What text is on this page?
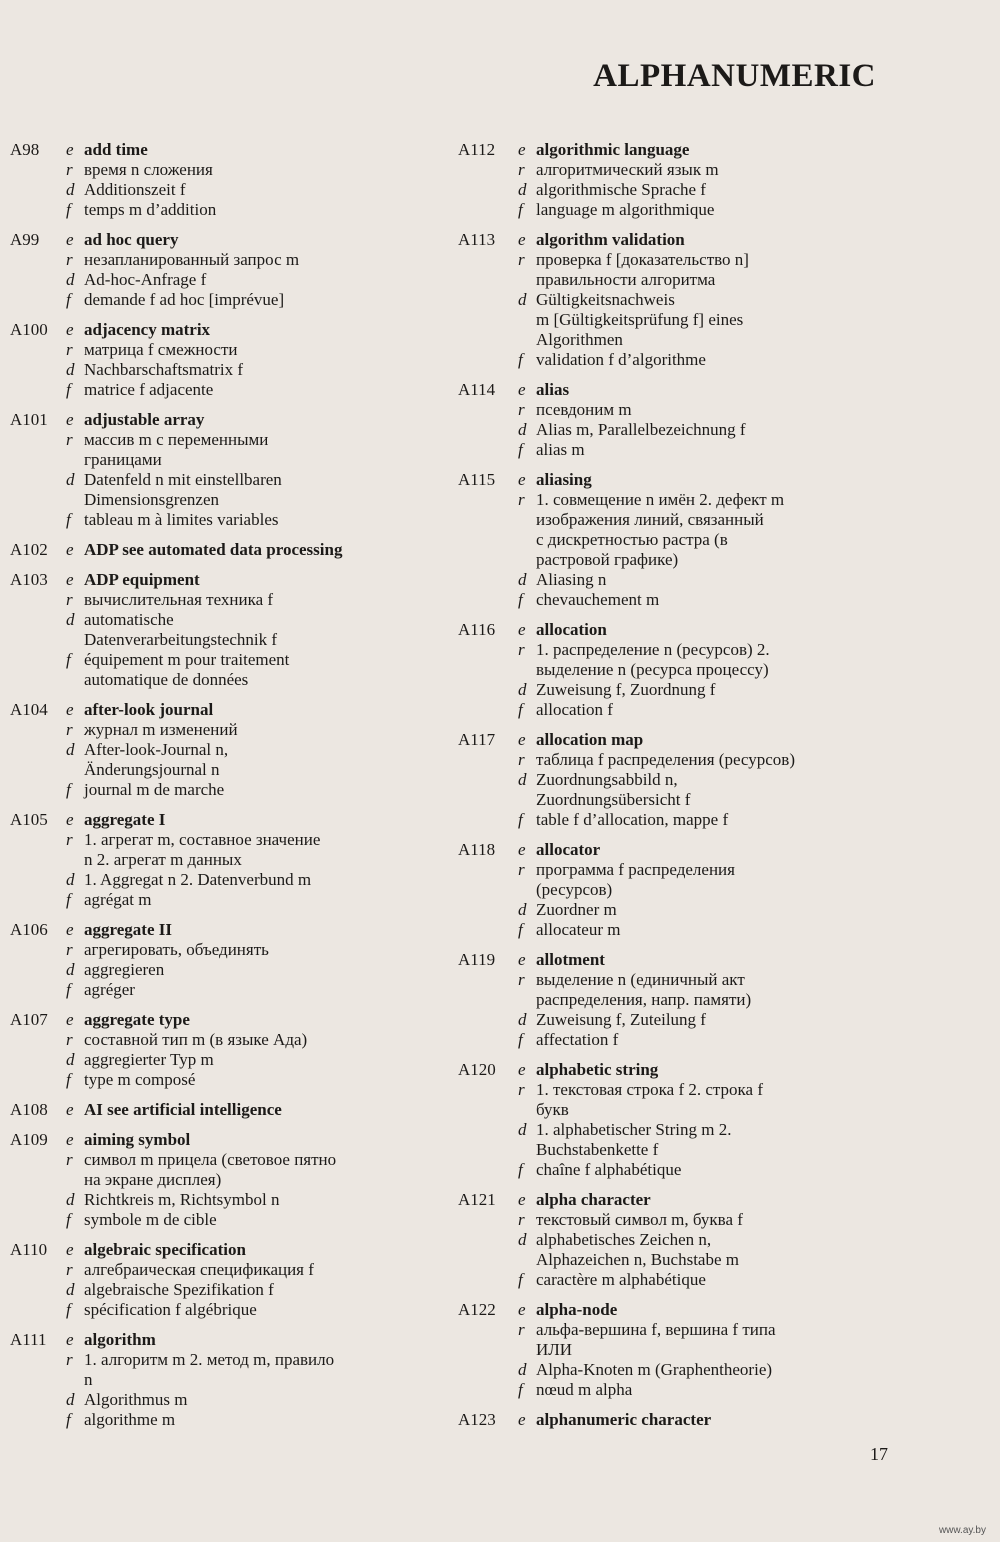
ALPHANUMERIC
A98	e add time
r время n сложения
d Additionszeit f
f temps m d’addition
A99	e ad hoc query
r незапланированный запрос m
d Ad-hoc-Anfrage f
f demande f ad hoc [imprévue]
A100	e adjacency matrix
r матрица f смежности
d Nachbarschaftsmatrix f
f matrice f adjacente
A101	e adjustable array
r массив m с переменными
границами
d Datenfeld n mit einstellbaren
Dimensionsgrenzen
f tableau m à limites variables
A102	e ADP see automated data processing
A103	e ADP equipment
r вычислительная техника f
d automatische
Datenverarbeitungstechnik f
f équipement m pour traitement
automatique de données
A104	e after-look journal
r журнал m изменений
d After-look-Journal n,
Änderungsjournal n
f journal m de marche
A105	e aggregate I
r 1. агрегат m, составное значение
n 2. агрегат m данных
d 1. Aggregat n 2. Datenverbund m
f agrégat m
A106	e aggregate II
r агрегировать, объединять
d aggregieren
f agréger
A107	e aggregate type
r составной тип m (в языке Ада)
d aggregierter Typ m
f type m composé
A108	e AI see artificial intelligence
A109	e aiming symbol
r символ m прицела (световое пятно
на экране дисплея)
d Richtkreis m, Richtsymbol n
f symbole m de cible
A110	e algebraic specification
r алгебраическая спецификация f
d algebraische Spezifikation f
f spécification f algébrique
A111	e algorithm
r 1. алгоритм m 2. метод m, правило
n
d Algorithmus m
f algorithme m
A112	e algorithmic language
r алгоритмический язык m
d algorithmische Sprache f
f language m algorithmique
A113	e algorithm validation
r проверка f [доказательство n]
правильности алгоритма
d Gültigkeitsnachweis
m [Gültigkeitsprüfung f] eines
Algorithmen
f validation f d’algorithme
A114	e alias
r псевдоним m
d Alias m, Parallelbezeichnung f
f alias m
A115	e aliasing
r 1. совмещение n имён 2. дефект m
изображения линий, связанный
с дискретностью растра (в
растровой графике)
d Aliasing n
f chevauchement m
A116	e allocation
r 1. распределение n (ресурсов) 2.
выделение n (ресурса процессу)
d Zuweisung f, Zuordnung f
f allocation f
A117	e allocation map
r таблица f распределения (ресурсов)
d Zuordnungsabbild n,
Zuordnungsübersicht f
f table f d’allocation, mappe f
A118	e allocator
r программа f распределения
(ресурсов)
d Zuordner m
f allocateur m
A119	e allotment
r выделение n (единичный акт
распределения, напр. памяти)
d Zuweisung f, Zuteilung f
f affectation f
A120	e alphabetic string
r 1. текстовая строка f 2. строка f
букв
d 1. alphabetischer String m 2.
Buchstabenkette f
f chaîne f alphabétique
A121	e alpha character
r текстовый символ m, буква f
d alphabetisches Zeichen n,
Alphazeichen n, Buchstabe m
f caractère m alphabétique
A122	e alpha-node
r альфа-вершина f, вершина f типа
ИЛИ
d Alpha-Knoten m (Graphentheorie)
f nœud m alpha
A123	e alphanumeric character
17
www.ay.by
